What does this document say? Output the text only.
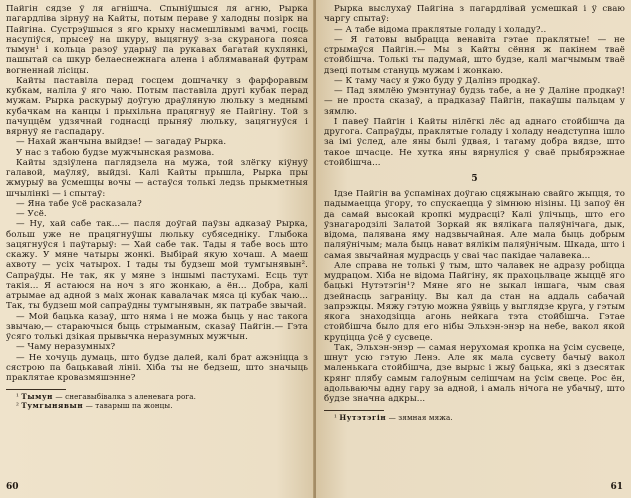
Пайгін сядзе ў ля агнішча. Спыніўшыся ля агню, Рырка пагардліва зірнуў на Кайты, потым пераве ў халодны позірк на Пайгіна. Сустрэўшыся з яго крыху насмешлівымі вачмі, госць насупіўся, прысеў на шкуру, выцягнуў з-за скуранога пояса тымун¹ і кольца разоў ударыў па рукавах багатай кухлянкі, пашытай са шкур белаеснежнага алена і аблямаванай футрам вогненнай лісіцы.

Кайты паставіла перад госцем дошчачку з фарфоравым кубкам, наліла ў яго чаю. Потым паставіла другі кубак перад мужам. Рырка раскурыў доўгую драўляную люльку з меднымі кубачкам на канцы і прыхільна працягнуў яе Пайгіну. Той з пачуццём удзячнай годнасці прыняў люльку, зацягнуўся і вярнуў яе гаспадару.

— Нахай жанчына выйдзе! — загадаў Рырка.

У нас з табою будзе мужчынская размова.

Кайты здзіўлена паглядзела на мужа, той злёгку кіўнуў галавой, маўляў, выйдзі. Калі Кайты прышла, Рырка пры жмурыў ва ўсмешцы вочы — астаўся толькі ледзь прыкметныя шчылінкі — і спытаў:

— Яна табе ўсё расказала?

— Усё.

— Ну, хай сабе так...— пасля доўгай паўзы адказаў Рырка, больш уже не працягнуўшы люльку субяседніку. Глыбока зацягнуўся і паўтарыў: — Хай сабе так. Тады я табе вось што скажу. У мяне чатыры жонкі. Выбірай якую хочаш. А маеш ахвоту — усіх чатырох. І тады ты будзеш мой тумгынявын². Сапраўды. Не так, як у мяне з іншымі пастухамі. Есць тут такія... Я астаюся на ноч з яго жонкаю, а ён... Добра, калі атрымае ад адной з маіх жонак кавалачак мяса ці кубак чаю... Так, ты будзеш мой сапраўдны тумгынявын, як патрабе звычай.

— Мой бацька казаў, што няма і не можа быць у нас такога звычаю,— стараючыся быць стрыманым, сказаў Пайгін.— Гэта ўсяго толькі дзікая прывычка неразумных мужчын.

— Чаму неразумных?

— Не хочуць думаць, што будзе далей, калі брат ажэніцца з сястрою па бацькавай лініі. Хіба ты не бедзеш, што значыць праклятае кровазмяшэнне?

¹ Тымун — снегавыбівалка з аленевага рога.

² Тумгынявын — таварыш па жонцы.

60

Рырка выслухаў Пайгіна з пагардлівай усмешкай і ў сваю чаргу спытаў:

— А табе відома праклятые голаду і холаду?..

— Я гатовы выбрацца венавіта гэтае праклятые! — не стрымаўся Пайгін.— Мы з Кайты сёння ж пакінем тваё стойбішча. Толькі ты падумай, што будзе, калі магчымым тваё дзеці потым стануць мужам і жонкаю.

— К таму часу я ўжо буду ў Далінэ продкаў.

— Пад зямлёю ўмэнтунаў будзь табе, а не ў Даліне продкаў! — не проста сказаў, а прадказаў Пайгін, пакаўшы пальцам у зямлю.

І павеў Пайгін і Кайты нілёгкі лёс ад аднаго стойбішча да другога. Сапраўды, праклятые голаду і холаду неадступна ішло за імі ўслед, але яны былі ўдвая, і тагаму добра вядзе, што такое шчасце. Не хутка яны вярнуліся ў сваё прыбярэжнае стойбішча...

5

Ідзе Пайгін ва ўспамінах доўгаю сцяжынаю свайго жыцця, то падымаецца ўгору, то спускаецца ў зімнюю нізіны. Ці запоў ён да самай высокай кропкі мудрасці? Калі ўлічыць, што его ўзнагародзілі Залатой Зоркай як вялікага паляўнічага, дык, відома, палявана яму надзвычайная. Але мала быць добрым паляўнічым; мала быць нават вялікім паляўнічым. Шкада, што і самая звычайная мудрасць у сваі час пакідае чалавека...

Але справа не толькі ў тым, што чалавек не адразу робіцца мудрацом. Хіба не відома Пайгіну, як прахоцьлваце жыццё яго бацькі Нутэтэгін¹? Мяне яго не зыкал іншага, чым свая дзейнасць заграніцу. Вы кал да стан на аддаль сабачай запрэжцы. Мяжу гэтую можна ўявіць у выглядзе круга, у гэтым якога знаходзіцца агонь нейкага тэта стойбішча. Гэтае стойбішча было для его нібы Эльхэн-энэр на небе, вакол якой круціцца ўсё ў сусвеце.

Так, Эльхэн-энэр — самая нерухомая кропка на ўсім сусвеце, шнут усю гэтую Ленэ. Але як мала сусвету бачыў вакол маленькага стойбішча, дзе вырыс і жыў бацька, які з дзесятак крянг плябу самым галоўным селішчам на ўсім свеце. Рос ён, адольваючы адну гару за адной, і амаль нічога не убачыў, што будзе значна адкры...

¹ Нутэтэгін — зямная мяжа.

61
